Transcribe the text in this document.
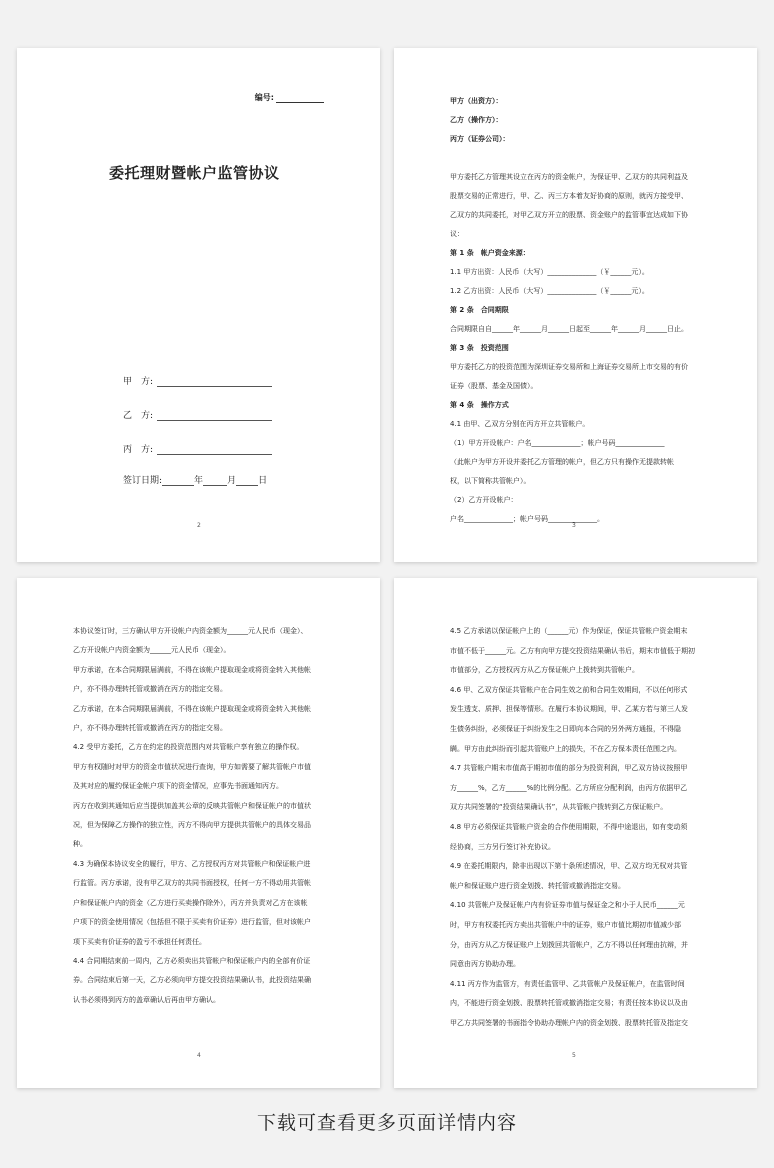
编号:
委托理财暨帐户监管协议
甲　方:
乙　方:
丙　方:
签订日期:	年	月 日
2

甲方（出资方）：

乙方（操作方）：

丙方（证券公司）：

甲方委托乙方管理其设立在丙方的资金帐户，为保证甲、乙双方的共同利益及

股票交易的正常进行，甲、乙、丙三方本着友好协商的原则，就丙方接受甲、

乙双方的共同委托，对甲乙双方开立的股票、资金账户的监管事宜达成如下协

议：

第 1 条　帐户资金来源：

1.1 甲方出资：人民币（大写）______________（￥______元）。

1.2 乙方出资：人民币（大写）______________（￥______元）。

第 2 条　合同期限

合同期限自自______年______月______日起至______年______月______日止。

第 3 条　投资范围

甲方委托乙方的投资范围为深圳证券交易所和上海证券交易所上市交易的有价

证券（股票、基金及国债）。

第 4 条　操作方式

4.1 由甲、乙双方分别在丙方开立共管帐户。

（1）甲方开设帐户：户名______________；帐户号码______________

（此帐户为甲方开设并委托乙方管理的帐户，但乙方只有操作无提款转帐

权，以下简称共管帐户）。

（2）乙方开设帐户：

户名______________；帐户号码______________。

3

本协议签订时，三方确认甲方开设帐户内资金额为______元人民币（现金）、

乙方开设帐户内资金额为______元人民币（现金）。

甲方承诺，在本合同期限届满前，不得在该帐户提取现金或将资金转入其他帐

户，亦不得办理转托管或撤消在丙方的指定交易。

乙方承诺，在本合同期限届满前，不得在该帐户提取现金或将资金转入其他帐

户，亦不得办理转托管或撤消在丙方的指定交易。

4.2 受甲方委托，乙方在约定的投资范围内对共管帐户享有独立的操作权。

甲方有权随时对甲方的资金市值状况进行查询，甲方如需要了解共管帐户市值

及其对应的履约保证金帐户项下的资金情况，应事先书面通知丙方。

丙方在收到其通知后应当提供加盖其公章的反映共管帐户和保证帐户的市值状

况，但为保障乙方操作的独立性，丙方不得向甲方提供共管帐户的具体交易品

种。

4.3 为确保本协议安全的履行，甲方、乙方授权丙方对共管帐户和保证帐户进

行监管。丙方承诺，没有甲乙双方的共同书面授权，任何一方不得动用共管帐

户和保证帐户内的资金（乙方进行买卖操作除外），丙方并负责对乙方在该帐

户项下的资金使用情况（包括但不限于买卖有价证券）进行监管，但对该帐户

项下买卖有价证券的盈亏不承担任何责任。

4.4 合同期结束前一周内，乙方必须卖出共管帐户和保证帐户内的全部有价证

券。合同结束后第一天，乙方必须向甲方提交投资结果确认书，此投资结果确

认书必须得到丙方的盖章确认后再由甲方确认。

4

4.5 乙方承诺以保证帐户上的（______元）作为保证，保证共管帐户资金期末

市值不低于______元。乙方有向甲方提交投资结果确认书后，期末市值低于期初

市值部分，乙方授权丙方从乙方保证帐户上拨转到共管帐户。

4.6 甲、乙双方保证共管帐户在合同生效之前和合同生效期间，不以任何形式

发生透支、质押、担保等情形。在履行本协议期间，甲、乙某方若与第三人发

生债务纠纷，必须保证于纠纷发生之日即向本合同的另外两方通报，不得隐

瞒。甲方由此纠纷而引起共管账户上的损失，不在乙方保本责任范围之内。

4.7 共管帐户期末市值高于期初市值的部分为投资利润，甲乙双方协议按照甲

方______%，乙方______%的比例分配。乙方所应分配利润，由丙方依据甲乙

双方共同签署的“投资结果确认书”，从共管帐户拨转到乙方保证帐户。

4.8 甲方必须保证共管帐户资金的合作使用期限，不得中途退出，如有变动须

经协商，三方另行签订补充协议。

4.9 在委托期限内，除非出现以下第十条所述情况，甲、乙双方均无权对共管

帐户和保证账户进行资金划拨、转托管或撤消指定交易。

4.10 共管帐户及保证帐户内有价证券市值与保证金之和小于人民币______元

时，甲方有权委托丙方卖出共管帐户中的证券，账户市值比期初市值减少部

分，由丙方从乙方保证账户上划拨回共管帐户，乙方不得以任何理由抗辩，并

同意由丙方协助办理。

4.11 丙方作为监管方，有责任监管甲、乙共管帐户及保证帐户，在监管时间

内，不能进行资金划拨、股票转托管或撤消指定交易；有责任按本协议以及由

甲乙方共同签署的书面指令协助办理帐户内的资金划拨、股票转托管及指定交

5
下载可查看更多页面详情内容
